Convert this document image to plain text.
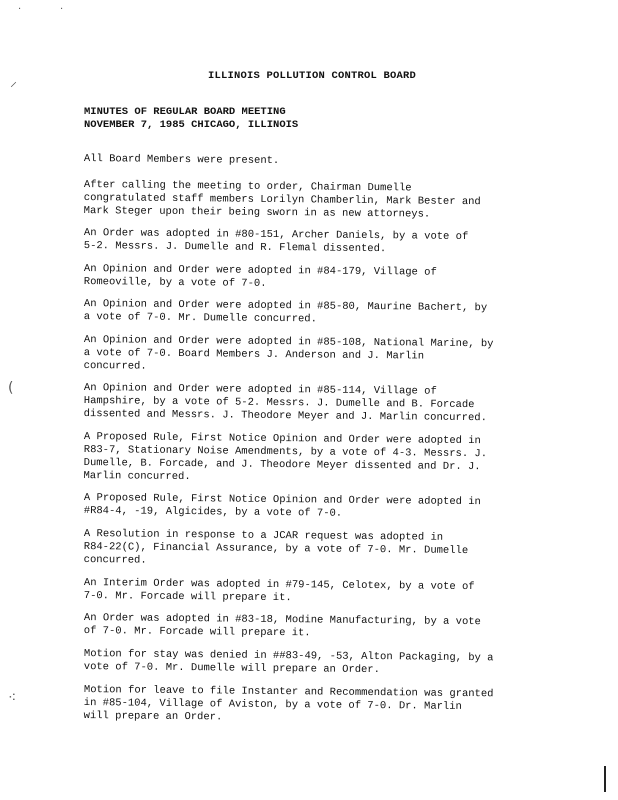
·	·
⸝
(
⁖
ILLINOIS POLLUTION CONTROL BOARD
MINUTES OF REGULAR BOARD MEETING
NOVEMBER 7, 1985 CHICAGO, ILLINOIS
All Board Members were present.
After calling the meeting to order, Chairman Dumelle
congratulated staff members Lorilyn Chamberlin, Mark Bester and
Mark Steger upon their being sworn in as new attorneys.
An Order was adopted in #80-151, Archer Daniels, by a vote of
5-2. Messrs. J. Dumelle and R. Flemal dissented.
An Opinion and Order were adopted in #84-179, Village of
Romeoville, by a vote of 7-0.
An Opinion and Order were adopted in #85-80, Maurine Bachert, by
a vote of 7-0. Mr. Dumelle concurred.
An Opinion and Order were adopted in #85-108, National Marine, by
a vote of 7-0. Board Members J. Anderson and J. Marlin
concurred.
An Opinion and Order were adopted in #85-114, Village of
Hampshire, by a vote of 5-2. Messrs. J. Dumelle and B. Forcade
dissented and Messrs. J. Theodore Meyer and J. Marlin concurred.
A Proposed Rule, First Notice Opinion and Order were adopted in
R83-7, Stationary Noise Amendments, by a vote of 4-3. Messrs. J.
Dumelle, B. Forcade, and J. Theodore Meyer dissented and Dr. J.
Marlin concurred.
A Proposed Rule, First Notice Opinion and Order were adopted in
#R84-4, -19, Algicides, by a vote of 7-0.
A Resolution in response to a JCAR request was adopted in
R84-22(C), Financial Assurance, by a vote of 7-0. Mr. Dumelle
concurred.
An Interim Order was adopted in #79-145, Celotex, by a vote of
7-0. Mr. Forcade will prepare it.
An Order was adopted in #83-18, Modine Manufacturing, by a vote
of 7-0. Mr. Forcade will prepare it.
Motion for stay was denied in ##83-49, -53, Alton Packaging, by a
vote of 7-0. Mr. Dumelle will prepare an Order.
Motion for leave to file Instanter and Recommendation was granted
in #85-104, Village of Aviston, by a vote of 7-0. Dr. Marlin
will prepare an Order.
